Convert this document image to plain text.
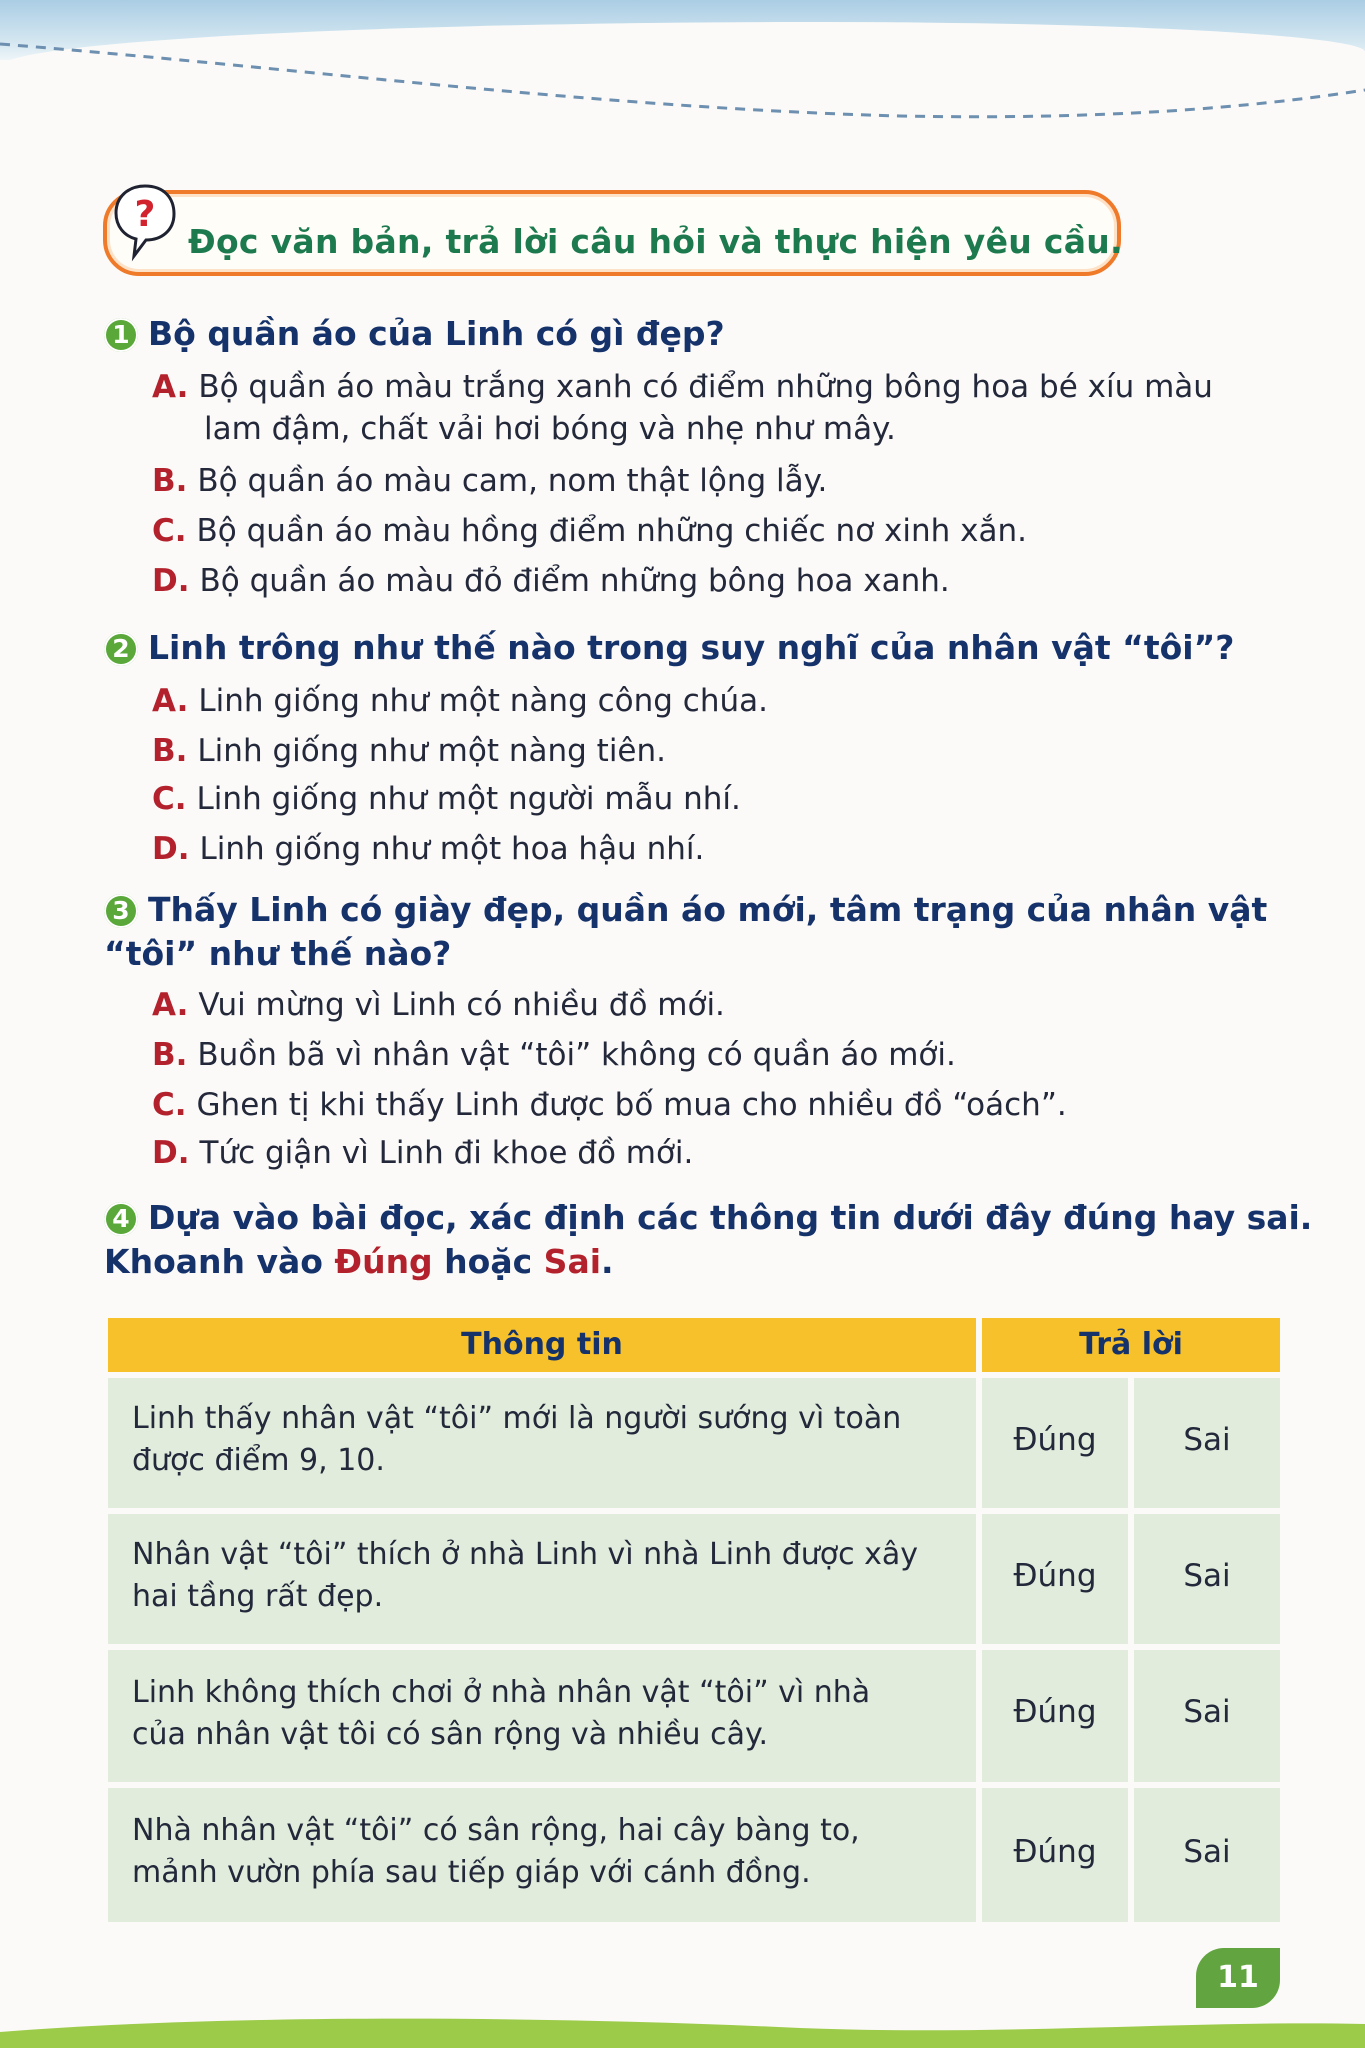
?
Đọc văn bản, trả lời câu hỏi và thực hiện yêu cầu.
1 Bộ quần áo của Linh có gì đẹp?
A. Bộ quần áo màu trắng xanh có điểm những bông hoa bé xíu màu
lam đậm, chất vải hơi bóng và nhẹ như mây.
B. Bộ quần áo màu cam, nom thật lộng lẫy.
C. Bộ quần áo màu hồng điểm những chiếc nơ xinh xắn.
D. Bộ quần áo màu đỏ điểm những bông hoa xanh.
2 Linh trông như thế nào trong suy nghĩ của nhân vật “tôi”?
A. Linh giống như một nàng công chúa.
B. Linh giống như một nàng tiên.
C. Linh giống như một người mẫu nhí.
D. Linh giống như một hoa hậu nhí.
3 Thấy Linh có giày đẹp, quần áo mới, tâm trạng của nhân vật
“tôi” như thế nào?
A. Vui mừng vì Linh có nhiều đồ mới.
B. Buồn bã vì nhân vật “tôi” không có quần áo mới.
C. Ghen tị khi thấy Linh được bố mua cho nhiều đồ “oách”.
D. Tức giận vì Linh đi khoe đồ mới.
4 Dựa vào bài đọc, xác định các thông tin dưới đây đúng hay sai.
Khoanh vào Đúng hoặc Sai.
Thông tin	Trả lời
Linh thấy nhân vật “tôi” mới là người sướng vì toàn
được điểm 9, 10.
Đúng	Sai
Nhân vật “tôi” thích ở nhà Linh vì nhà Linh được xây
hai tầng rất đẹp.
Đúng	Sai
Linh không thích chơi ở nhà nhân vật “tôi” vì nhà
của nhân vật tôi có sân rộng và nhiều cây.
Đúng	Sai
Nhà nhân vật “tôi” có sân rộng, hai cây bàng to,
mảnh vườn phía sau tiếp giáp với cánh đồng.
Đúng	Sai
11
